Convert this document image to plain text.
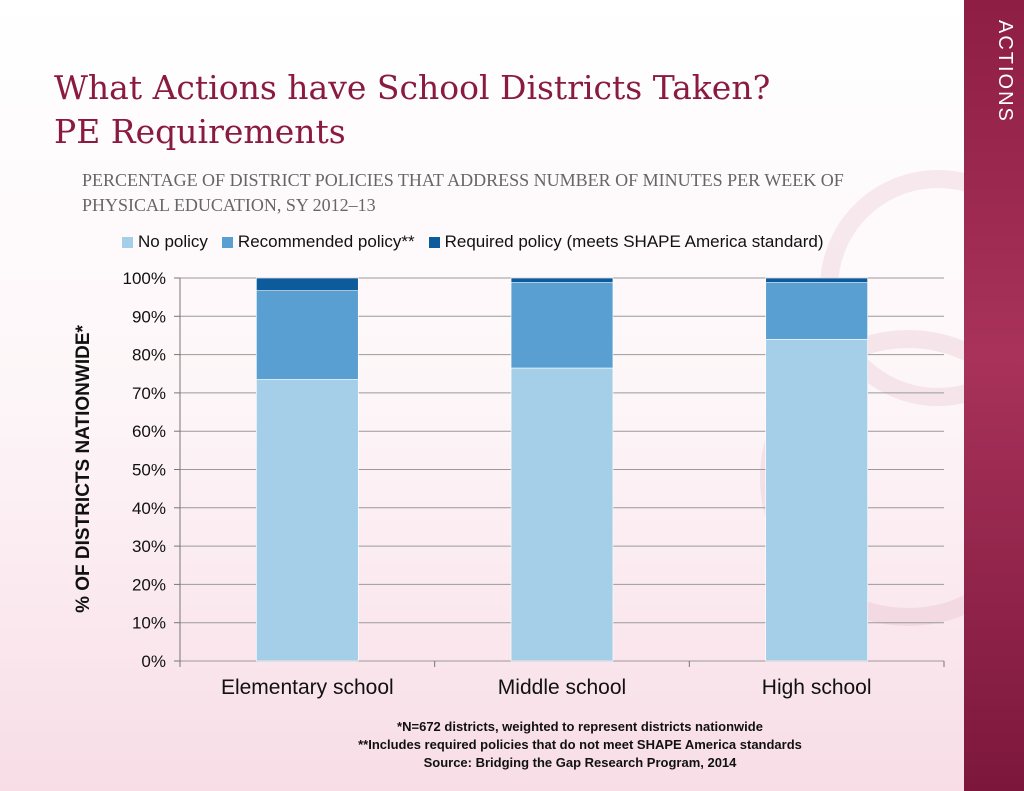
ACTIONS
What Actions have School Districts Taken?
PE Requirements
PERCENTAGE OF DISTRICT POLICIES THAT ADDRESS NUMBER OF MINUTES PER WEEK OF PHYSICAL EDUCATION, SY 2012–13
No policy Recommended policy** Required policy (meets SHAPE America standard)
% OF DISTRICTS NATIONWIDE*
0%
10%
20%
30%
40%
50%
60%
70%
80%
90%
100%
Elementary school	Middle school	High school
*N=672 districts, weighted to represent districts nationwide
**Includes required policies that do not meet SHAPE America standards
Source: Bridging the Gap Research Program, 2014
